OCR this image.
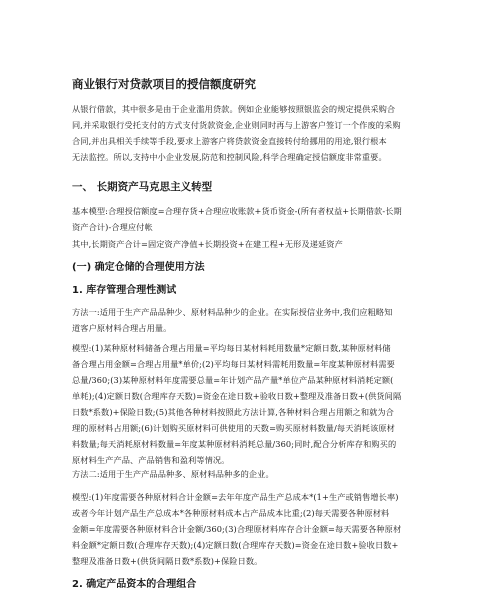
商业银行对贷款项目的授信额度研究
从银行借款，其中很多是由于企业滥用贷款。例如企业能够按照银监会的规定提供采购合
同,并采取银行受托支付的方式支付货款资金,企业则同时再与上游客户签订一个作废的采购
合同,并出具相关手续等手段,要求上游客户将贷款资金直接转付给挪用的用途,银行根本
无法监控。所以,支持中小企业发展,防范和控制风险,科学合理确定授信额度非常重要。
一、 长期资产马克思主义转型
基本模型:合理授信额度=合理存货+合理应收账款+货币资金-(所有者权益+长期借款-长期
资产合计)-合理应付帐
其中,长期资产合计=固定资产净值+长期投资+在建工程+无形及递延资产
(一) 确定仓储的合理使用方法
1. 库存管理合理性测试
方法一:适用于生产产品品种少、原材料品种少的企业。在实际授信业务中,我们应粗略知
道客户原材料合理占用量。
模型:(1)某种原材料储备合理占用量=平均每日某材料耗用数量*定额日数,某种原材料储
备合理占用金额=合理占用量*单价;(2)平均每日某材料需耗用数量=年度某种原材料需要
总量/360;(3)某种原材料年度需要总量=年计划产品产量*单位产品某种原材料消耗定额(
单耗);(4)定额日数(合理库存天数)=资金在途日数+验收日数+整理及准备日数+(供货间隔
日数*系数)+保险日数;(5)其他各种材料按照此方法计算,各种材料合理占用额之和就为合
理的原材料占用额;(6)计划购买原材料可供使用的天数=购买原材料数量/每天消耗该原材
料数量;每天消耗原材料数量=年度某种原材料消耗总量/360;同时,配合分析库存和购买的
原材料生产产品、产品销售和盈利等情况。
方法二:适用于生产产品品种多、原材料品种多的企业。
模型:(1)年度需要各种原材料合计金额=去年年度产品生产总成本*(1+生产或销售增长率)
或者今年计划产品生产总成本*各种原材料成本占产品成本比重;(2)每天需要各种原材料
金额=年度需要各种原材料合计金额/360;(3)合理原材料库存合计金额=每天需要各种原材
料金额*定额日数(合理库存天数);(4)定额日数(合理库存天数)=资金在途日数+验收日数+
整理及准备日数+(供货间隔日数*系数)+保险日数。
2. 确定产品资本的合理组合
